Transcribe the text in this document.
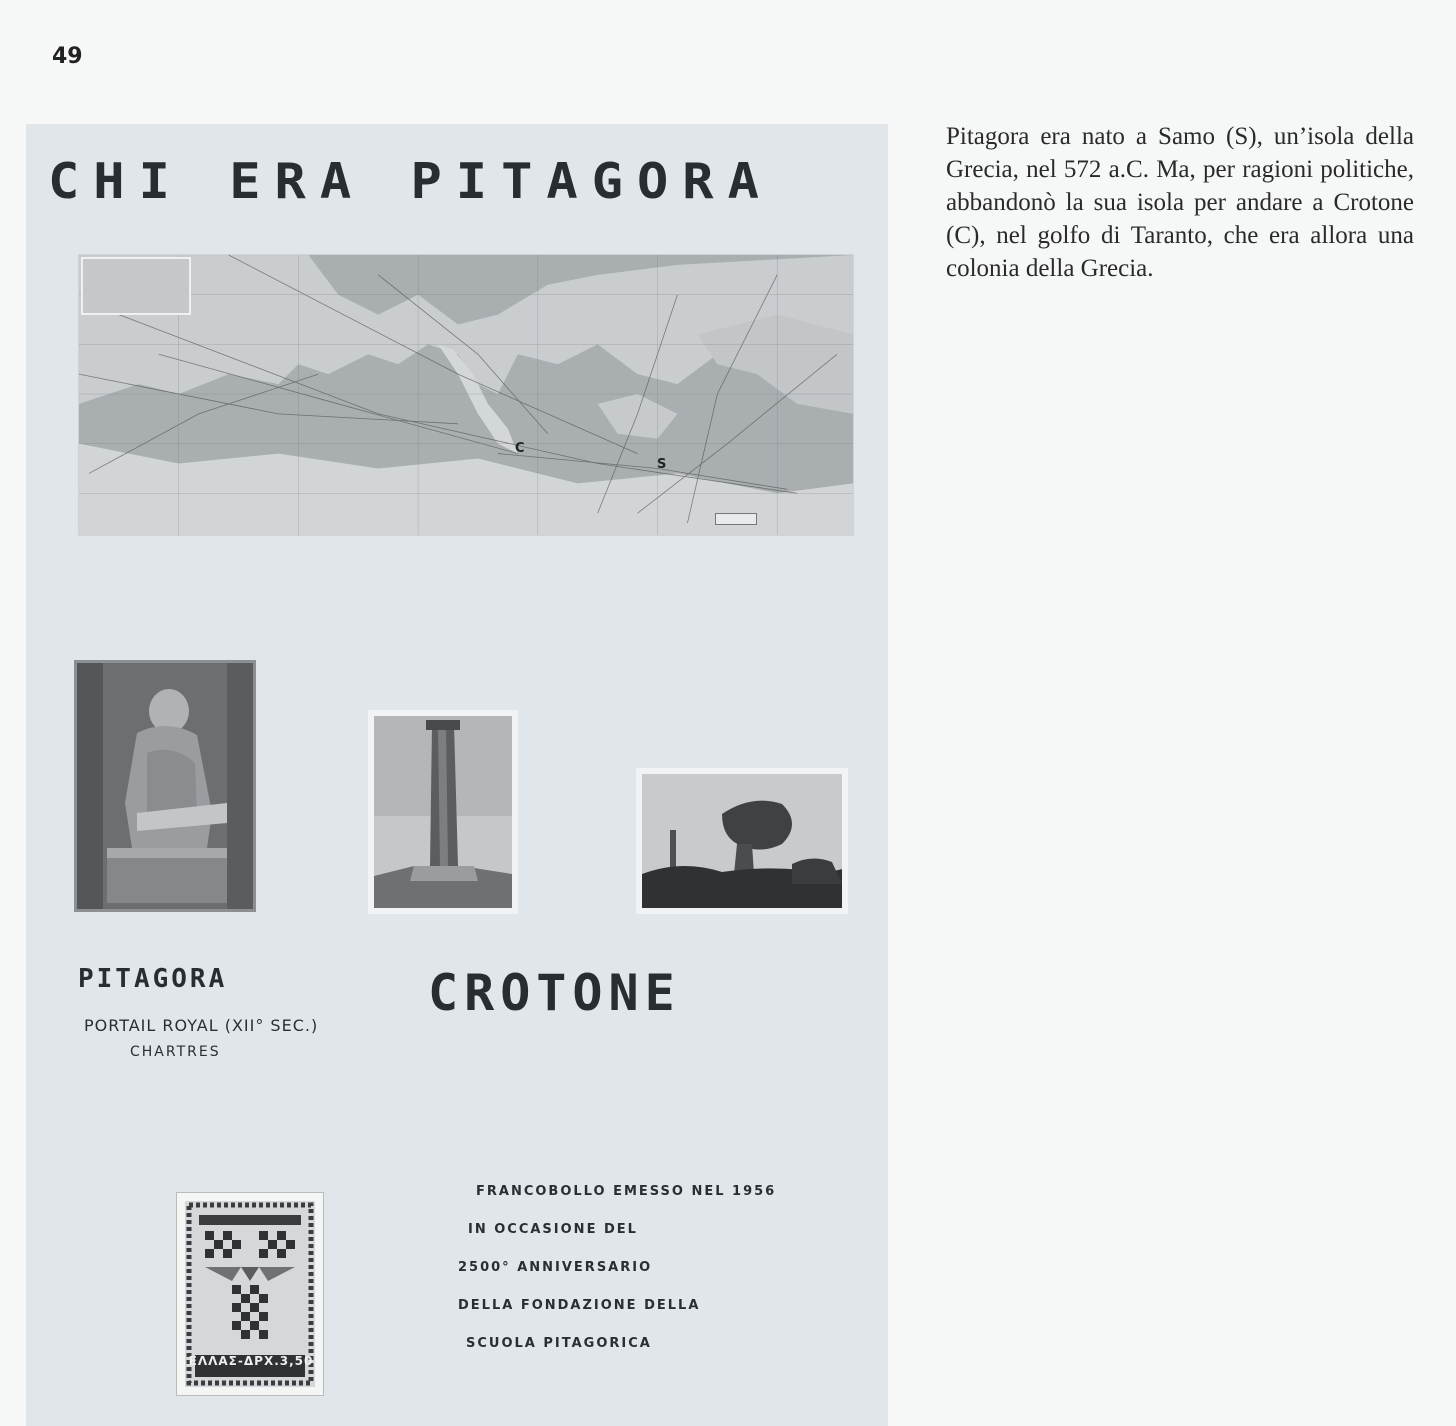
49
CHI ERA PITAGORA
C
S
PITAGORA
PORTAIL ROYAL (XII° SEC.)
CHARTRES
CROTONE
ΕΛΛΑΣ-ΔΡΧ.3,50
FRANCOBOLLO EMESSO NEL 1956
IN OCCASIONE DEL
2500° ANNIVERSARIO
DELLA FONDAZIONE DELLA
SCUOLA PITAGORICA

Pitagora era nato a Samo (S), un’isola della Grecia, nel 572 a.C. Ma, per ragioni politiche, abbandonò la sua isola per andare a Crotone (C), nel golfo di Taranto, che era allora una colonia della Grecia.
